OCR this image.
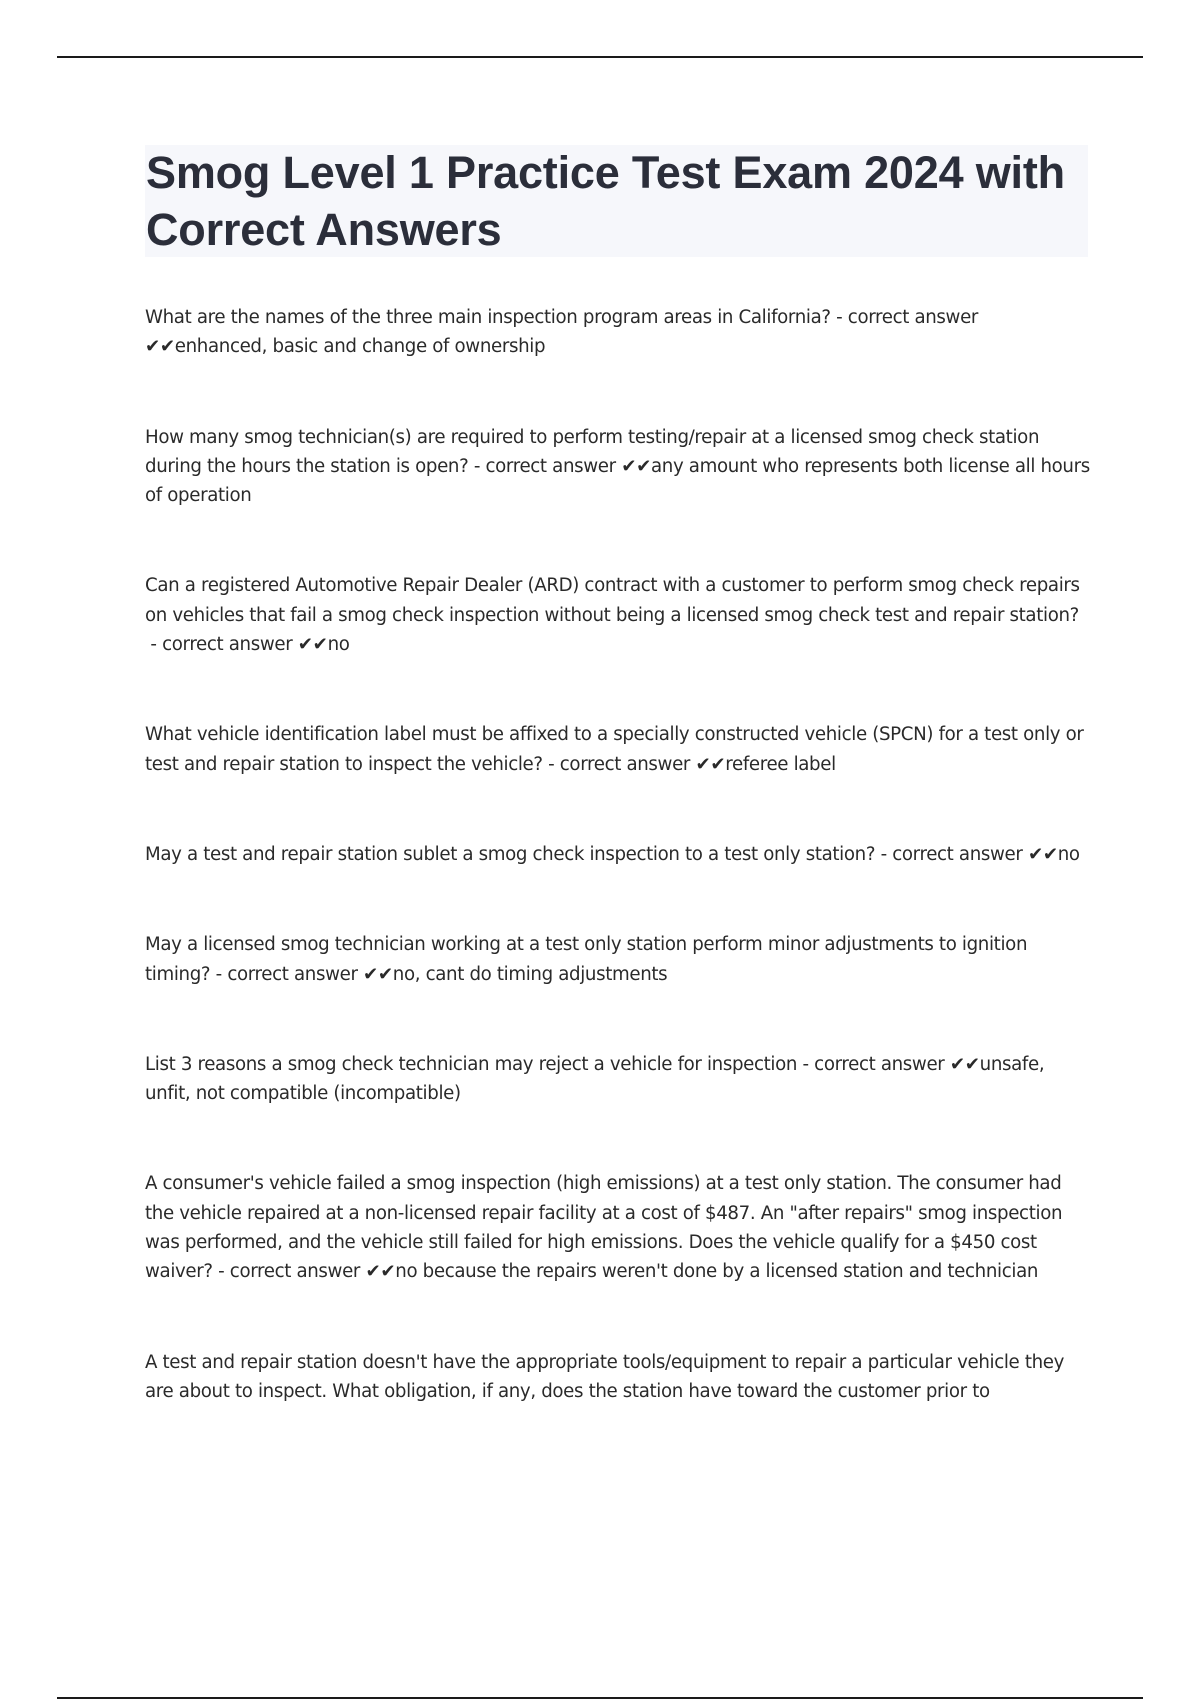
Smog Level 1 Practice Test Exam 2024 with Correct Answers
What are the names of the three main inspection program areas in California? - correct answer ✔✔enhanced, basic and change of ownership
How many smog technician(s) are required to perform testing/repair at a licensed smog check station during the hours the station is open? - correct answer ✔✔any amount who represents both license all hours of operation
Can a registered Automotive Repair Dealer (ARD) contract with a customer to perform smog check repairs on vehicles that fail a smog check inspection without being a licensed smog check test and repair station? - correct answer ✔✔no
What vehicle identification label must be affixed to a specially constructed vehicle (SPCN) for a test only or test and repair station to inspect the vehicle? - correct answer ✔✔referee label
May a test and repair station sublet a smog check inspection to a test only station? - correct answer ✔✔no
May a licensed smog technician working at a test only station perform minor adjustments to ignition timing? - correct answer ✔✔no, cant do timing adjustments
List 3 reasons a smog check technician may reject a vehicle for inspection - correct answer ✔✔unsafe, unfit, not compatible (incompatible)
A consumer's vehicle failed a smog inspection (high emissions) at a test only station. The consumer had the vehicle repaired at a non-licensed repair facility at a cost of $487. An "after repairs" smog inspection was performed, and the vehicle still failed for high emissions. Does the vehicle qualify for a $450 cost waiver? - correct answer ✔✔no because the repairs weren't done by a licensed station and technician
A test and repair station doesn't have the appropriate tools/equipment to repair a particular vehicle they are about to inspect. What obligation, if any, does the station have toward the customer prior to
